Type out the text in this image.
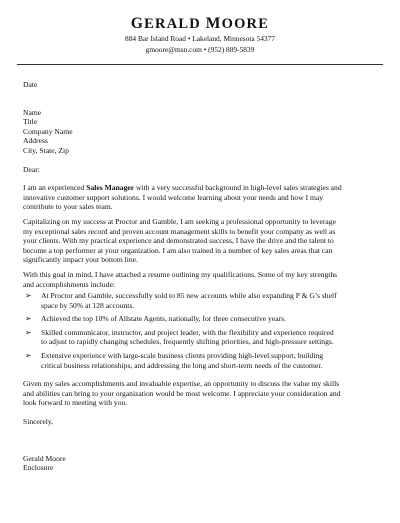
GERALD MOORE
884 Bar Island Road • Lakeland, Minnesota 54377
gmoore@msn.com • (952) 889-5839
Date
Name
Title
Company Name
Address
City, State, Zip
Dear:
I am an experienced Sales Manager with a very successful background in high-level sales strategies and
innovative customer support solutions. I would welcome learning about your needs and how I may
contribute to your sales team.
Capitalizing on my success at Proctor and Gamble, I am seeking a professional opportunity to leverage
my exceptional sales record and proven account management skills to benefit your company as well as
your clients. With my practical experience and demonstrated success, I have the drive and the talent to
become a top performer at your organization. I am also trained in a number of key sales areas that can
significantly impact your bottom line.
With this goal in mind, I have attached a resume outlining my qualifications. Some of my key strengths
and accomplishments include:
➢ At Proctor and Gamble, successfully sold to 85 new accounts while also expanding P & G’s shelf
space by 50% at 128 accounts.
➢ Achieved the top 10% of Allstate Agents, nationally, for three consecutive years.
➢ Skilled communicator, instructor, and project leader, with the flexibility and experience required
to adjust to rapidly changing schedules, frequently shifting priorities, and high-pressure settings.
➢ Extensive experience with large-scale business clients providing high-level support, building
critical business relationships, and addressing the long and short-term needs of the customer.
Given my sales accomplishments and invaluable expertise, an opportunity to discuss the value my skills
and abilities can bring to your organization would be most welcome. I appreciate your consideration and
look forward to meeting with you.
Sincerely,
Gerald Moore
Enclosure
